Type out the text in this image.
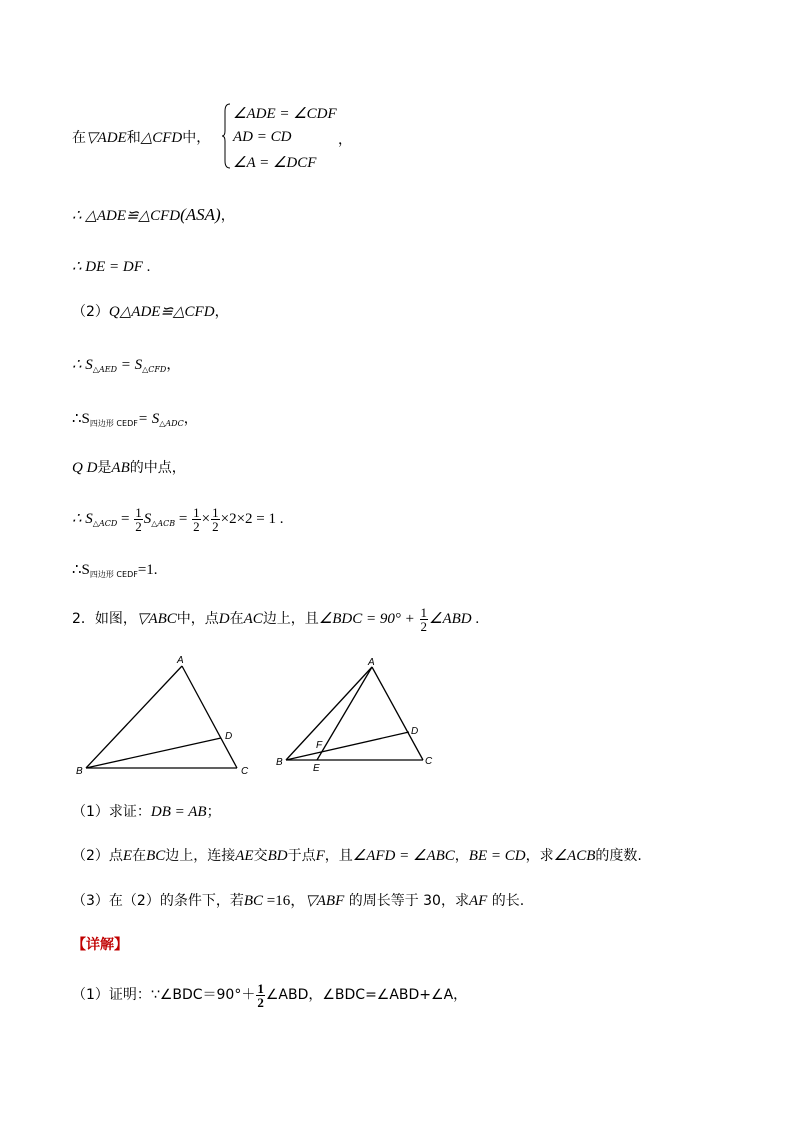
在▽ADE和△CFD中，
∠ADE = ∠CDF
AD = CD
∠A = ∠DCF
，
∴ △ADE≌△CFD(ASA)，
∴ DE = DF .
（2）Q△ADE≌△CFD，
∴ $S_{\triangle AED} = S_{\triangle CFD}$，
$\therefore S_{四边形 CEDF}= S_{\triangle ADC}$，
Q D是AB的中点，
∴ $S_{\triangle ACD} = \frac{1}{2} S_{\triangle ACB} = \frac{1}{2} \times \frac{1}{2} \times 2\times 2 = 1$ .
$\therefore S_{四边形 CEDF}=1$.
2．如图，▽ABC中，点D在AC边上，且∠BDC = $90^\circ + \frac{1}{2}$ ∠ABD .
A
B	C
D
A
B	C
D
E
F
（1）求证：DB = AB；
（2）点E在BC边上，连接AE交BD于点F，且∠AFD = ∠ABC，BE = CD，求∠ACB的度数.
（3）在（2）的条件下，若BC =16，▽ABF 的周长等于 30，求AF 的长.
【详解】
（1）证明：∵∠BDC＝90°＋ $\frac{1}{2}$ ∠ABD，∠BDC=∠ABD+∠A，
